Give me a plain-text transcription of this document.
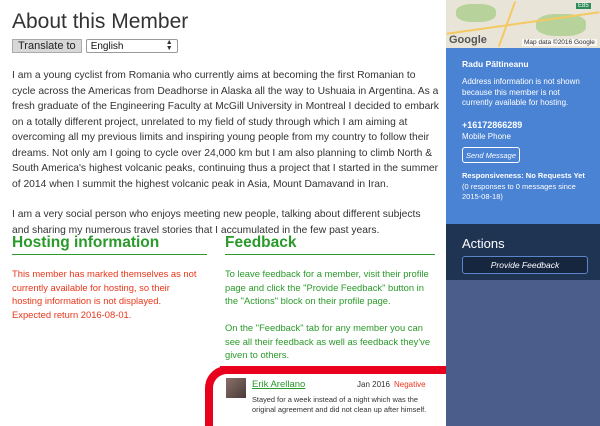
About this Member
Translate to	English	▲
▼

I am a young cyclist from Romania who currently aims at becoming the first Romanian to cycle across the Americas from Deadhorse in Alaska all the way to Ushuaia in Argentina. As a fresh graduate of the Engineering Faculty at McGill University in Montreal I decided to embark on a totally different project, unrelated to my field of study through which I am aiming at overcoming all my previous limits and inspiring young people from my country to follow their dreams. Not only am I going to cycle over 24,000 km but I am also planning to climb North & South America's highest volcanic peaks, continuing thus a project that I started in the summer of 2014 when I summit the highest volcanic peak in Asia, Mount Damavand in Iran.

I am a very social person who enjoys meeting new people, talking about different subjects and sharing my numerous travel stories that I accumulated in the few past years.

Hosting information	Feedback
This member has marked themselves as not currently available for hosting, so their hosting information is not displayed.
Expected return 2016-08-01.

To leave feedback for a member, visit their profile page and click the "Provide Feedback" button in the "Actions" block on their profile page.

On the "Feedback" tab for any member you can see all their feedback as well as feedback they've given to others.

Erik Arellano	Jan 2016 Negative
Stayed for a week instead of a night which was the original agreement and did not clean up after himself.
E85
Google	Map data ©2016 Google
Radu Păltineanu
Address information is not shown because this member is not currently available for hosting.
+16172866289
Mobile Phone
Send Message
Responsiveness: No Requests Yet
(0 responses to 0 messages since 2015-08-18)
Actions
Provide Feedback
